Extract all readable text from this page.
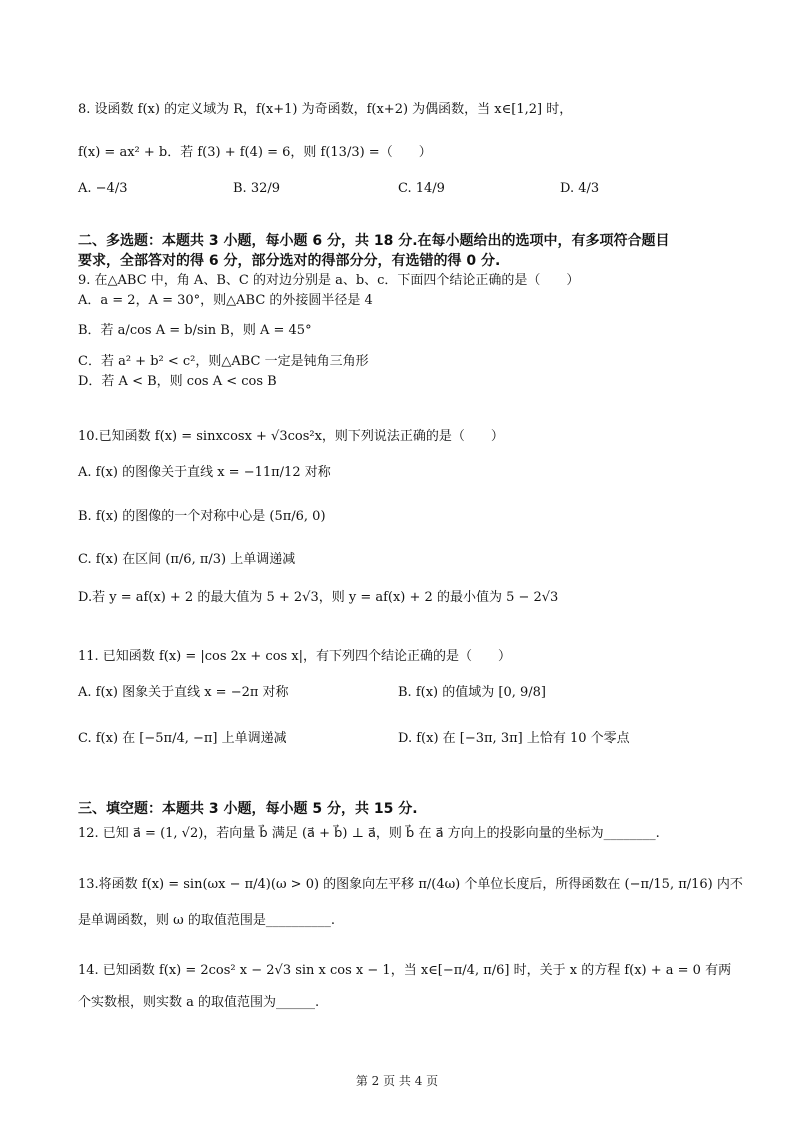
8. 设函数 f(x) 的定义域为 R，f(x+1) 为奇函数，f(x+2) 为偶函数，当 x∈[1,2] 时，
f(x) = ax² + b．若 f(3) + f(4) = 6，则 f(13/3) =（　　）
A. −4/3	B. 32/9	C. 14/9	D. 4/3
二、多选题：本题共 3 小题，每小题 6 分，共 18 分.在每小题给出的选项中，有多项符合题目
要求，全部答对的得 6 分，部分选对的得部分分，有选错的得 0 分.
9. 在△ABC 中，角 A、B、C 的对边分别是 a、b、c．下面四个结论正确的是（　　）
A．a = 2，A = 30°，则△ABC 的外接圆半径是 4
B．若 a/cos A = b/sin B，则 A = 45°
C．若 a² + b² < c²，则△ABC 一定是钝角三角形
D．若 A < B，则 cos A < cos B
10.已知函数 f(x) = sinxcosx + √3cos²x，则下列说法正确的是（　　）
A. f(x) 的图像关于直线 x = −11π/12 对称
B. f(x) 的图像的一个对称中心是 (5π/6, 0)
C. f(x) 在区间 (π/6, π/3) 上单调递减
D.若 y = af(x) + 2 的最大值为 5 + 2√3，则 y = af(x) + 2 的最小值为 5 − 2√3
11. 已知函数 f(x) = |cos 2x + cos x|，有下列四个结论正确的是（　　）
A. f(x) 图象关于直线 x = −2π 对称	B. f(x) 的值域为 [0, 9/8]
C. f(x) 在 [−5π/4, −π] 上单调递减	D. f(x) 在 [−3π, 3π] 上恰有 10 个零点
三、填空题：本题共 3 小题，每小题 5 分，共 15 分.
12. 已知 a⃗ = (1, √2)，若向量 b⃗ 满足 (a⃗ + b⃗) ⊥ a⃗，则 b⃗ 在 a⃗ 方向上的投影向量的坐标为________.
13.将函数 f(x) = sin(ωx − π/4)(ω > 0) 的图象向左平移 π/(4ω) 个单位长度后，所得函数在 (−π/15, π/16) 内不
是单调函数，则 ω 的取值范围是__________.
14. 已知函数 f(x) = 2cos² x − 2√3 sin x cos x − 1，当 x∈[−π/4, π/6] 时，关于 x 的方程 f(x) + a = 0 有两
个实数根，则实数 a 的取值范围为______.
第 2 页 共 4 页
